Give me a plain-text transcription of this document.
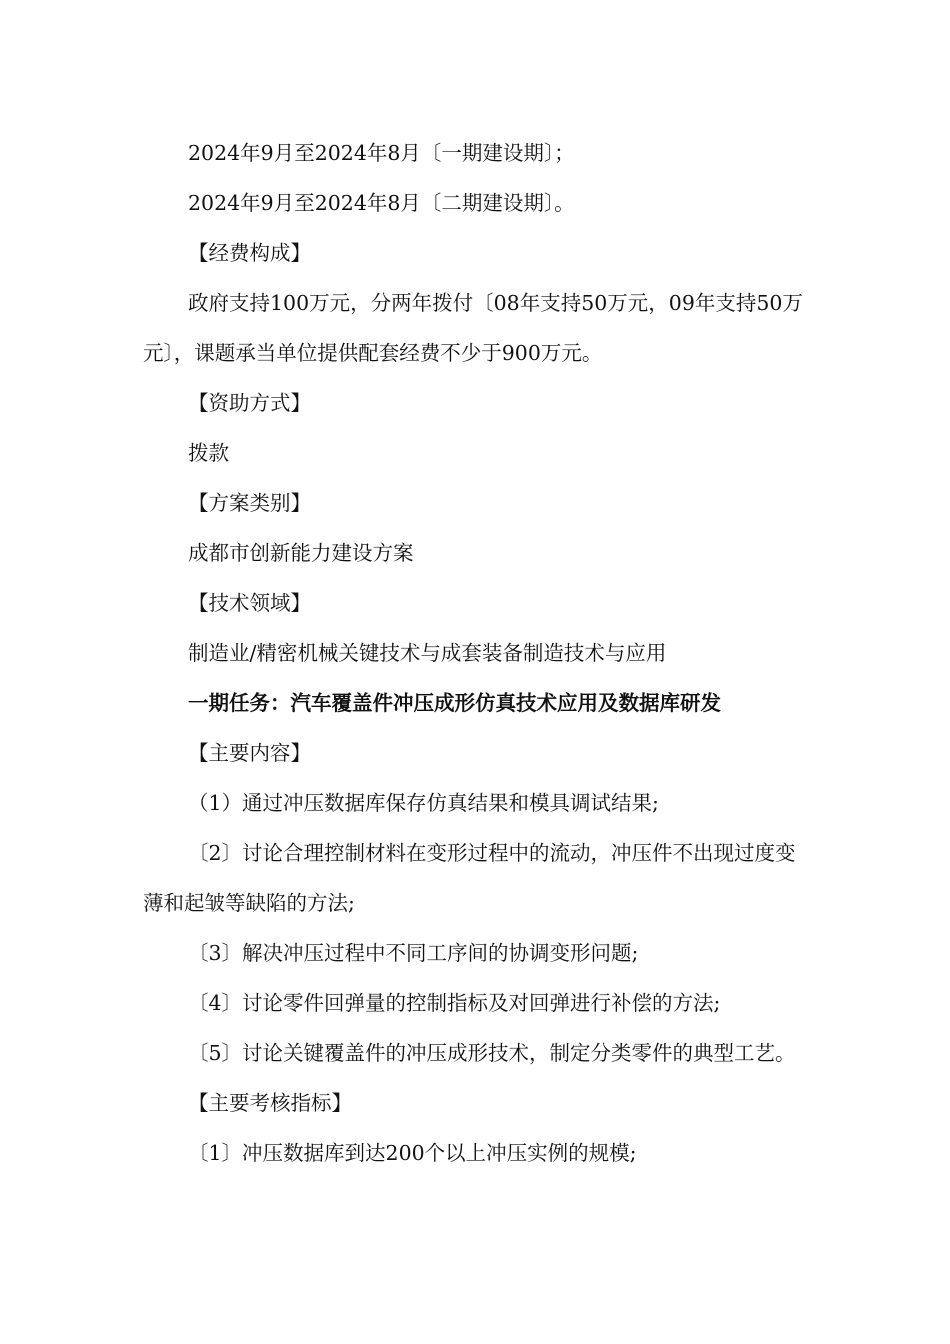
2024年9月至2024年8月〔一期建设期〕；

2024年9月至2024年8月〔二期建设期〕。

【经费构成】

政府支持100万元，分两年拨付〔08年支持50万元，09年支持50万元〕，课题承当单位提供配套经费不少于900万元。

【资助方式】

拨款

【方案类别】

成都市创新能力建设方案

【技术领域】

制造业/精密机械关键技术与成套装备制造技术与应用

一期任务：汽车覆盖件冲压成形仿真技术应用及数据库研发

【主要内容】

（1）通过冲压数据库保存仿真结果和模具调试结果;

〔2〕讨论合理控制材料在变形过程中的流动，冲压件不出现过度变薄和起皱等缺陷的方法;

〔3〕解决冲压过程中不同工序间的协调变形问题;

〔4〕讨论零件回弹量的控制指标及对回弹进行补偿的方法;

〔5〕讨论关键覆盖件的冲压成形技术，制定分类零件的典型工艺。

【主要考核指标】

〔1〕冲压数据库到达200个以上冲压实例的规模;
